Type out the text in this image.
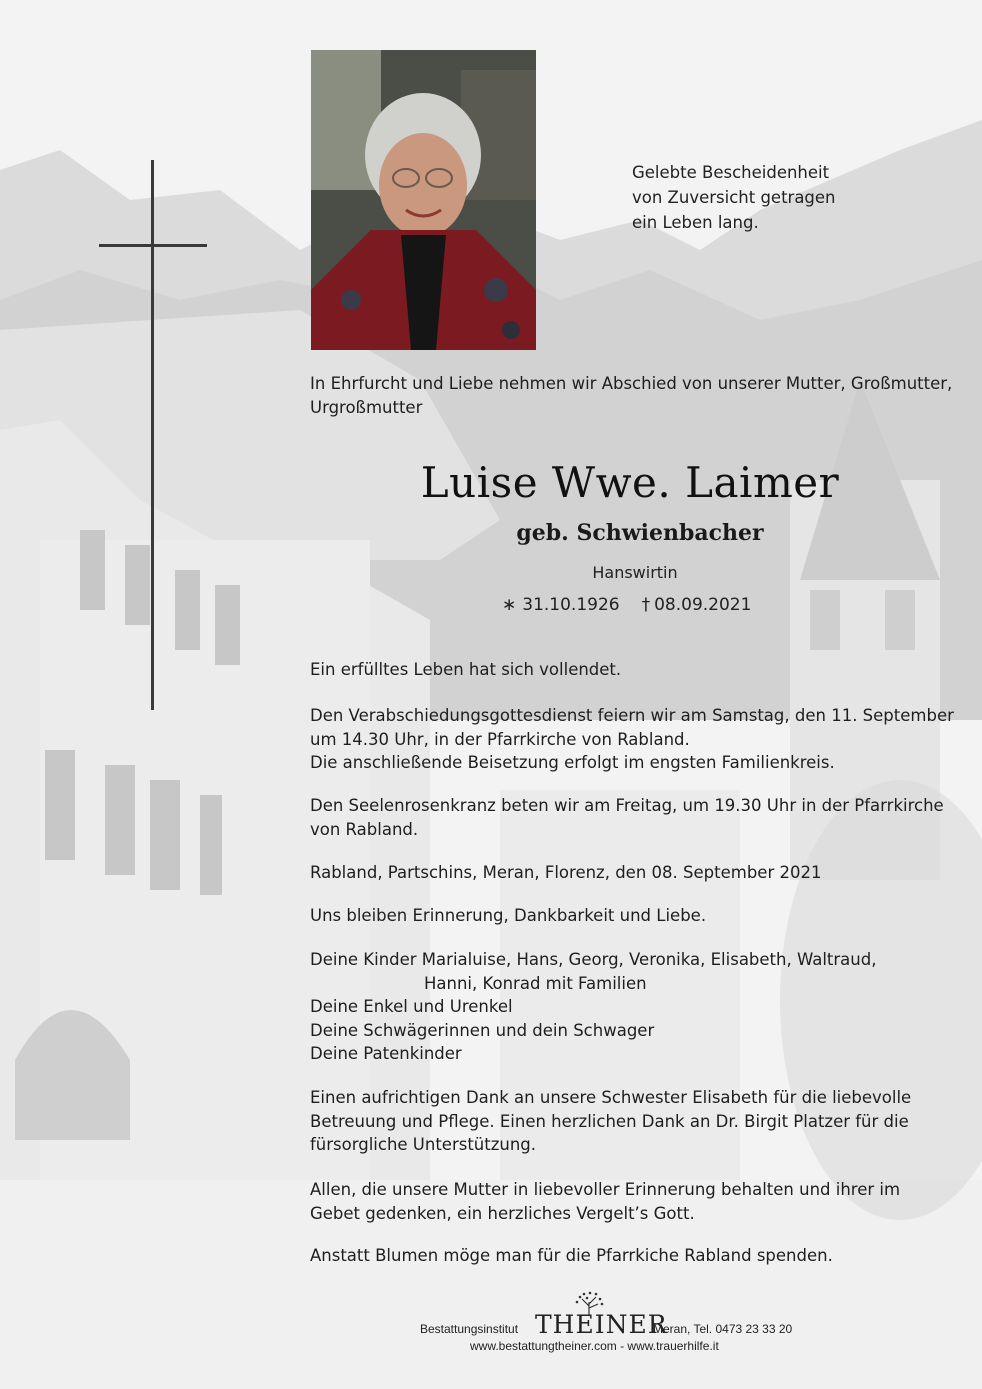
Gelebte Bescheidenheit
von Zuversicht getragen
ein Leben lang.
In Ehrfurcht und Liebe nehmen wir Abschied von unserer Mutter, Großmutter,
Urgroßmutter
Luise Wwe. Laimer
geb. Schwienbacher
Hanswirtin
∗ 31.10.1926 † 08.09.2021
Ein erfülltes Leben hat sich vollendet.
Den Verabschiedungsgottesdienst feiern wir am Samstag, den 11. September
um 14.30 Uhr, in der Pfarrkirche von Rabland.
Die anschließende Beisetzung erfolgt im engsten Familienkreis.
Den Seelenrosenkranz beten wir am Freitag, um 19.30 Uhr in der Pfarrkirche
von Rabland.
Rabland, Partschins, Meran, Florenz, den 08. September 2021
Uns bleiben Erinnerung, Dankbarkeit und Liebe.
Deine Kinder Marialuise, Hans, Georg, Veronika, Elisabeth, Waltraud,
Hanni, Konrad mit Familien
Deine Enkel und Urenkel
Deine Schwägerinnen und dein Schwager
Deine Patenkinder
Einen aufrichtigen Dank an unsere Schwester Elisabeth für die liebevolle
Betreuung und Pflege. Einen herzlichen Dank an Dr. Birgit Platzer für die
fürsorgliche Unterstützung.
Allen, die unsere Mutter in liebevoller Erinnerung behalten und ihrer im
Gebet gedenken, ein herzliches Vergelt’s Gott.
Anstatt Blumen möge man für die Pfarrkiche Rabland spenden.
Bestattungsinstitut THEINER
Meran, Tel. 0473 23 33 20
www.bestattungtheiner.com - www.trauerhilfe.it
